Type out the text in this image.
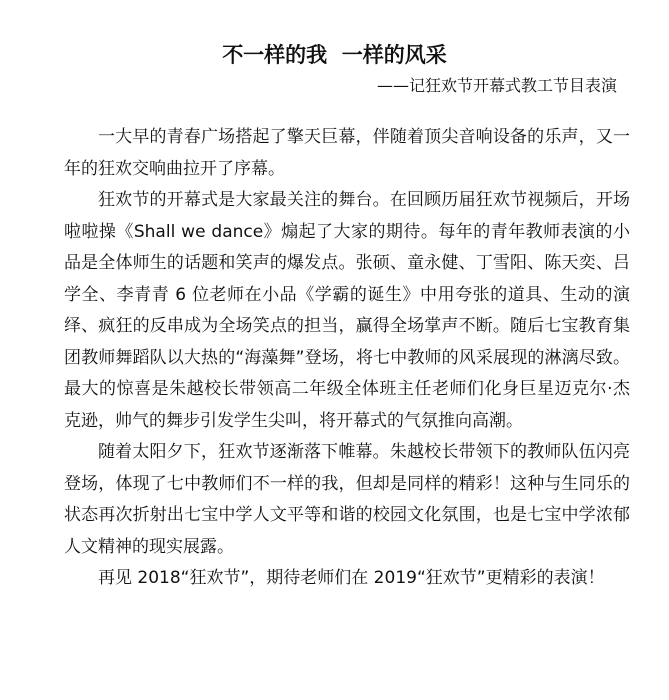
不一样的我  一样的风采
——记狂欢节开幕式教工节目表演

一大早的青春广场搭起了擎天巨幕，伴随着顶尖音响设备的乐声，又一年的狂欢交响曲拉开了序幕。

狂欢节的开幕式是大家最关注的舞台。在回顾历届狂欢节视频后，开场啦啦操《Shall we dance》煽起了大家的期待。每年的青年教师表演的小品是全体师生的话题和笑声的爆发点。张硕、童永健、丁雪阳、陈天奕、吕学全、李青青 6 位老师在小品《学霸的诞生》中用夸张的道具、生动的演绎、疯狂的反串成为全场笑点的担当，赢得全场掌声不断。随后七宝教育集团教师舞蹈队以大热的“海藻舞”登场，将七中教师的风采展现的淋漓尽致。最大的惊喜是朱越校长带领高二年级全体班主任老师们化身巨星迈克尔·杰克逊，帅气的舞步引发学生尖叫，将开幕式的气氛推向高潮。

随着太阳夕下，狂欢节逐渐落下帷幕。朱越校长带领下的教师队伍闪亮登场，体现了七中教师们不一样的我，但却是同样的精彩！这种与生同乐的状态再次折射出七宝中学人文平等和谐的校园文化氛围，也是七宝中学浓郁人文精神的现实展露。

再见 2018“狂欢节”，期待老师们在 2019“狂欢节”更精彩的表演！
